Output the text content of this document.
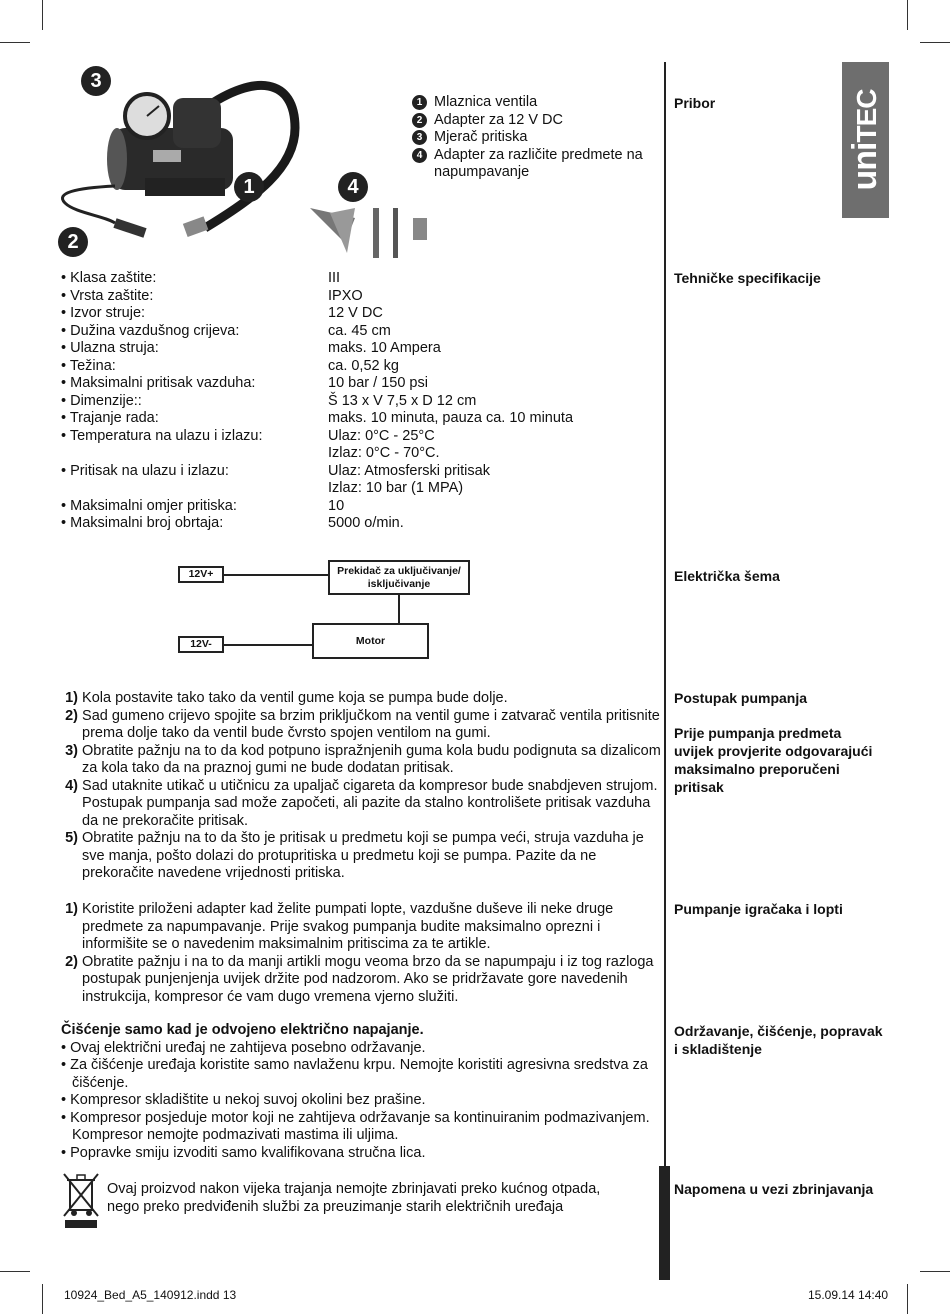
uniTEC
3
1	4
2
1 Mlaznica ventila
2 Adapter za 12 V DC
3 Mjerač pritiska
4 Adapter za različite predmete na napumpavanje
Pribor
Tehničke specifikacije
Električka šema
Postupak pumpanja
Prije pumpanja predmeta uvijek provjerite odgovarajući maksimalno preporučeni pritisak
Pumpanje igračaka i lopti
Održavanje, čišćenje, popravak i skladištenje
Napomena u vezi zbrinjavanja
• Klasa zaštite:	III
• Vrsta zaštite:	IPXO
• Izvor struje:	12 V DC
• Dužina vazdušnog crijeva:	ca. 45 cm
• Ulazna struja:	maks. 10 Ampera
• Težina:	ca. 0,52 kg
• Maksimalni pritisak vazduha:	10 bar / 150 psi
• Dimenzije::	Š 13 x V 7,5 x D 12 cm
• Trajanje rada:	maks. 10 minuta, pauza ca. 10 minuta
• Temperatura na ulazu i izlazu:	Ulaz: 0°C - 25°C
Izlaz: 0°C - 70°C.
• Pritisak na ulazu i izlazu:	Ulaz: Atmosferski pritisak
Izlaz: 10 bar (1 MPA)
• Maksimalni omjer pritiska:	10
• Maksimalni broj obrtaja:	5000 o/min.
12V+	Prekidač za uključivanje/ isključivanje
Motor
12V-
1)
Kola postavite tako tako da ventil gume koja se pumpa bude dolje.
2)
Sad gumeno crijevo spojite sa brzim priključkom na ventil gume i zatvarač ventila pritisnite prema dolje tako da ventil bude čvrsto spojen ventilom na gumi.
3)
Obratite pažnju na to da kod potpuno ispražnjenih guma kola budu podignuta sa dizalicom za kola tako da na praznoj gumi ne bude dodatan pritisak.
4)
Sad utaknite utikač u utičnicu za upaljač cigareta da kompresor bude snabdjeven strujom. Postupak pumpanja sad može započeti, ali pazite da stalno kontrolišete pritisak vazduha da ne prekoračite pritisak.
5)
Obratite pažnju na to da što je pritisak u predmetu koji se pumpa veći, struja vazduha je sve manja, pošto dolazi do protupritiska u predmetu koji se pumpa. Pazite da ne prekoračite navedene vrijednosti pritiska.
1)
Koristite priloženi adapter kad želite pumpati lopte, vazdušne duševe ili neke druge predmete za napumpavanje. Prije svakog pumpanja budite maksimalno oprezni i informišite se o navedenim maksimalnim pritiscima za te artikle.
2)
Obratite pažnju i na to da manji artikli mogu veoma brzo da se napumpaju i iz tog razloga postupak punjenjenja uvijek držite pod nadzorom. Ako se pridržavate gore navedenih instrukcija, kompresor će vam dugo vremena vjerno služiti.
Čišćenje samo kad je odvojeno električno napajanje.
• Ovaj električni uređaj ne zahtijeva posebno održavanje.
• Za čišćenje uređaja koristite samo navlaženu krpu. Nemojte koristiti agresivna sredstva za čišćenje.
• Kompresor skladištite u nekoj suvoj okolini bez prašine.
• Kompresor posjeduje motor koji ne zahtijeva održavanje sa kontinuiranim podmazivanjem. Kompresor nemojte podmazivati mastima ili uljima.
• Popravke smiju izvoditi samo kvalifikovana stručna lica.
Ovaj proizvod nakon vijeka trajanja nemojte zbrinjavati preko kućnog otpada, nego preko predviđenih službi za preuzimanje starih električnih uređaja
10924_Bed_A5_140912.indd 13	15.09.14 14:40
